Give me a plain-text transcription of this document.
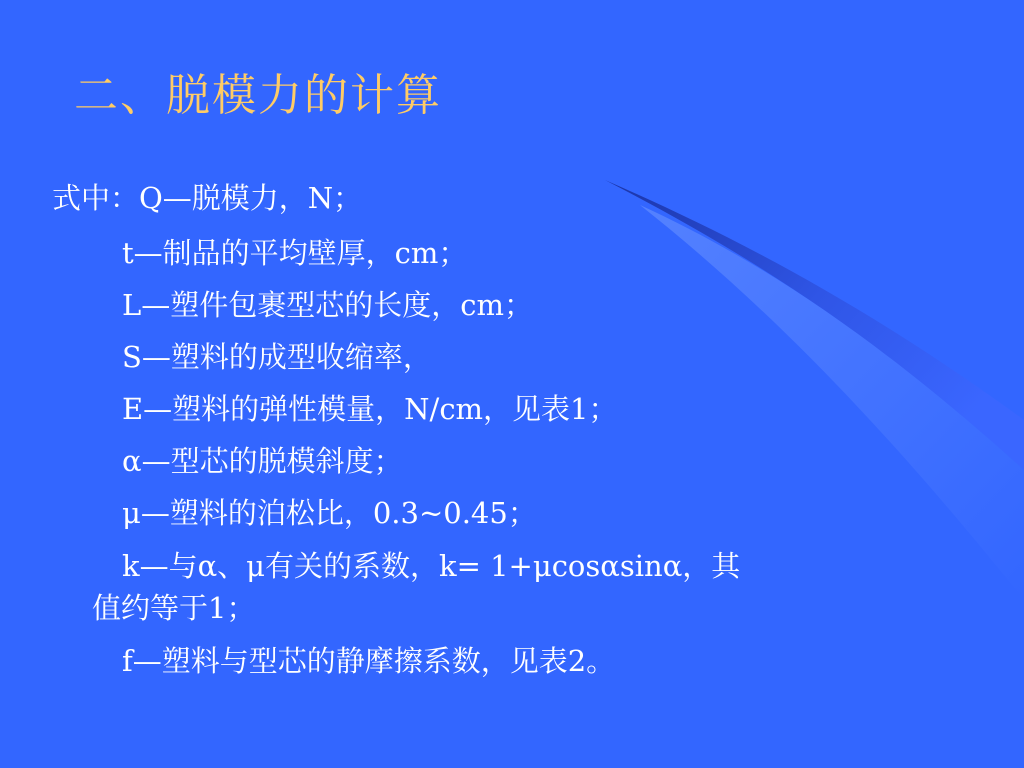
二、脱模力的计算
式中：Q—脱模力，N；
t—制品的平均壁厚，cm；
L—塑件包裹型芯的长度，cm；
S—塑料的成型收缩率，
E—塑料的弹性模量，N/cm，见表1；
α—型芯的脱模斜度；
μ—塑料的泊松比，0.3~0.45；
k—与α、μ有关的系数，k= 1+μcosαsinα，其
值约等于1；
f—塑料与型芯的静摩擦系数，见表2。
